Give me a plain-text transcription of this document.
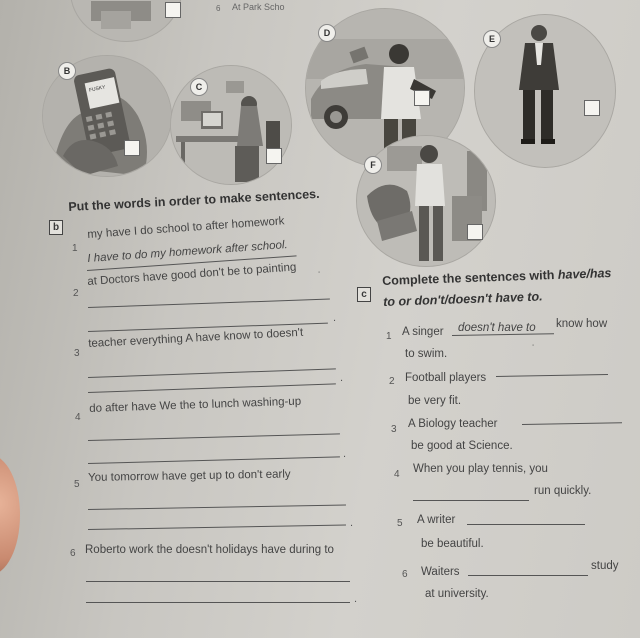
6 At Park Scho
FUSKY
B
C
D
E
F
b
Put the words in order to make sentences.
1
my have I do school to after homework
I have to do my homework after school.
2
at Doctors have good don't be to painting
.
3
teacher everything A have know to doesn't
.
4
do after have We the to lunch washing-up
.
5
You tomorrow have get up to don't early
.
6 Roberto work the doesn't holidays have during to
.
c
Complete the sentences with have/has
to or don't/doesn't have to.
1 A singer doesn't have to know how
to swim.
2 Football players
be very fit.
3 A Biology teacher
be good at Science.
4 When you play tennis, you
run quickly.
5 A writer
be beautiful.
6 Waiters	study
at university.
⸱
⸱
